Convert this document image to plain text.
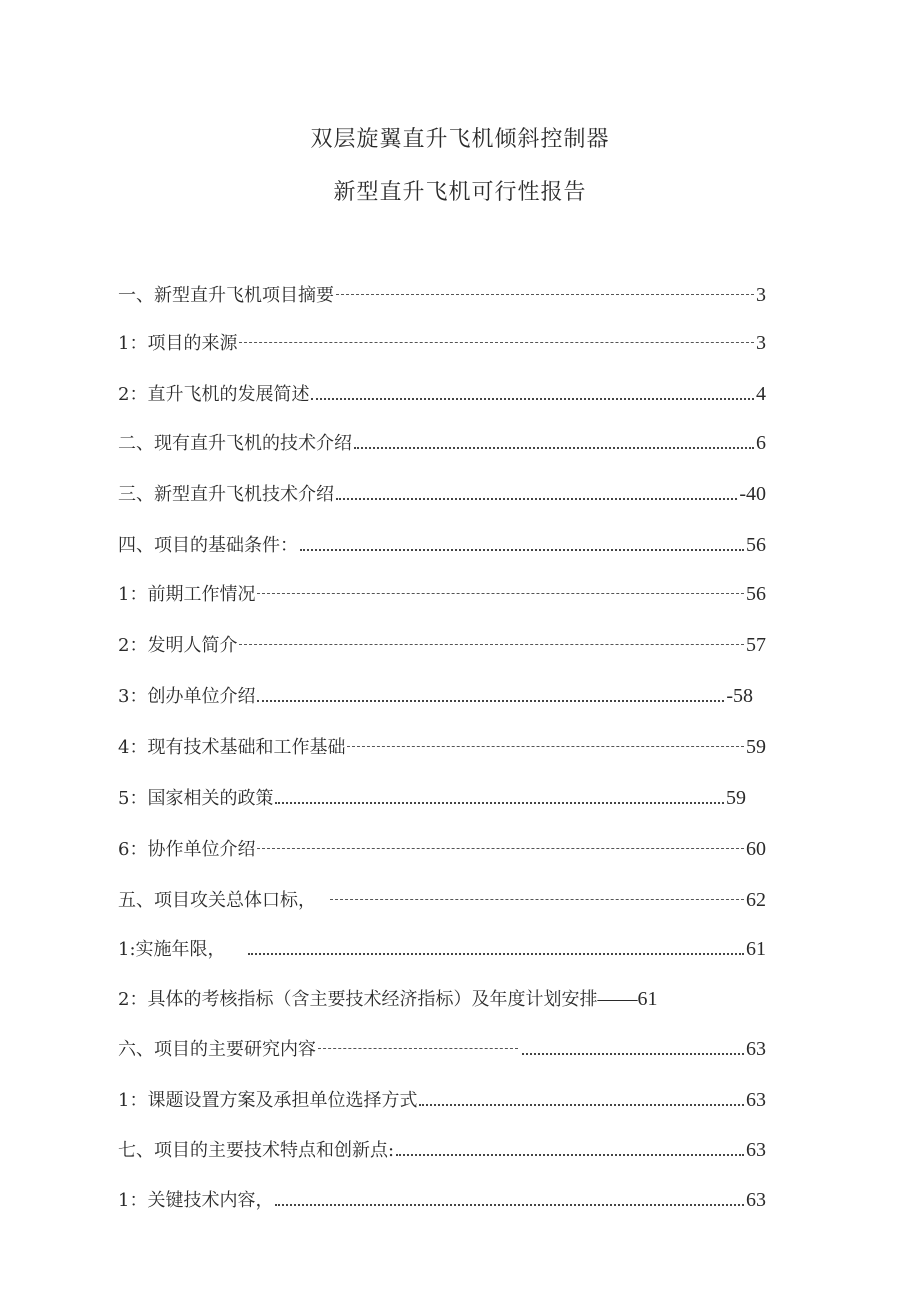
双层旋翼直升飞机倾斜控制器
新型直升飞机可行性报告
一、新型直升飞机项目摘要	3
1：项目的来源	3
2：直升飞机的发展简述	4
二、现有直升飞机的技术介绍	6
三、新型直升飞机技术介绍	-40
四、项目的基础条件：	56
1：前期工作情况	56
2：发明人简介	57
3：创办单位介绍	-58
4：现有技术基础和工作基础	59
5：国家相关的政策	59
6：协作单位介绍	60
五、项目攻关总体口标，	62
1:实施年限，	61
2：具体的考核指标（含主要技术经济指标）及年度计划安排 ——61
六、项目的主要研究内容	63
1：课题设置方案及承担单位选择方式	63
七、项目的主要技术特点和创新点:	63
1：关键技术内容，	63
